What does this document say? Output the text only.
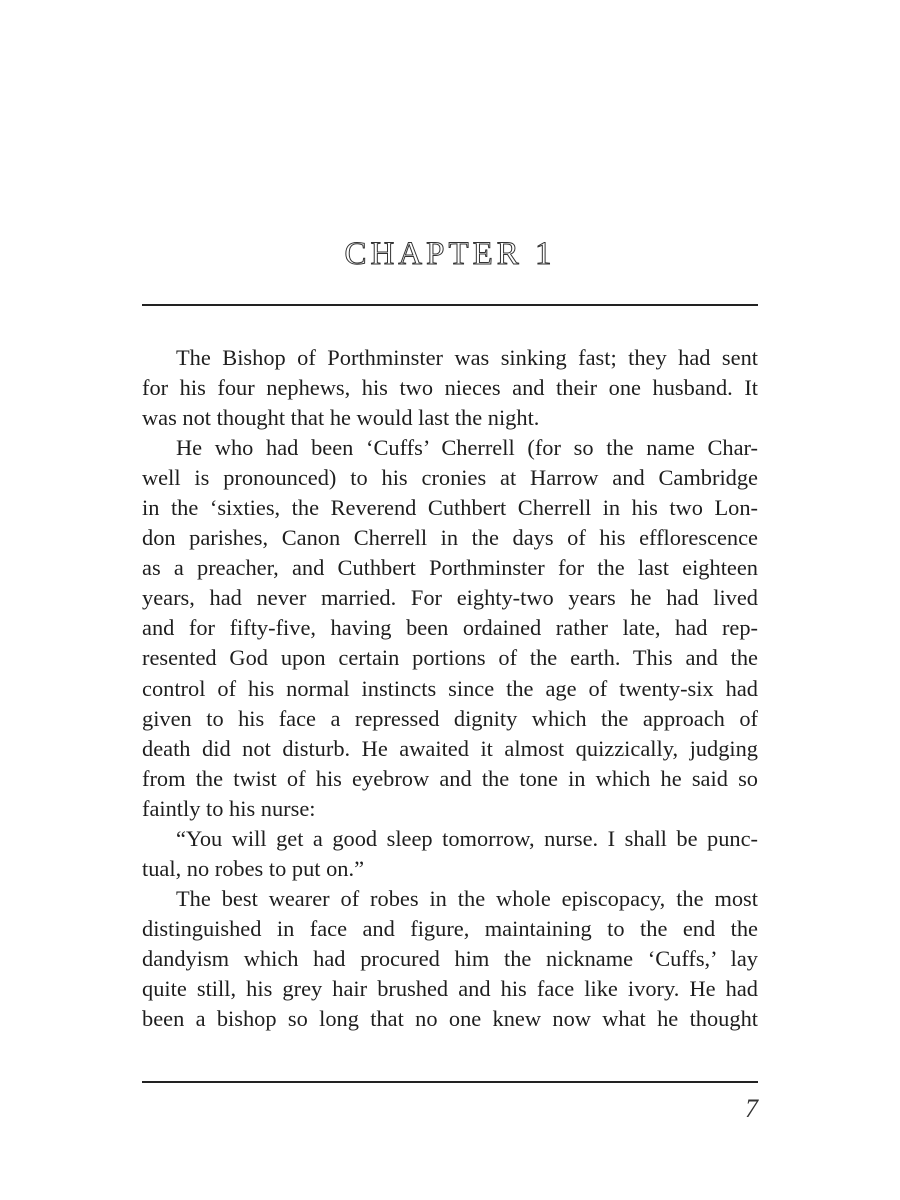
CHAPTER 1
The Bishop of Porthminster was sinking fast; they had sent
for his four nephews, his two nieces and their one husband. It
was not thought that he would last the night.
He who had been ‘Cuffs’ Cherrell (for so the name Char-
well is pronounced) to his cronies at Harrow and Cambridge
in the ‘sixties, the Reverend Cuthbert Cherrell in his two Lon-
don parishes, Canon Cherrell in the days of his efflorescence
as a preacher, and Cuthbert Porthminster for the last eighteen
years, had never married. For eighty-two years he had lived
and for fifty-five, having been ordained rather late, had rep-
resented God upon certain portions of the earth. This and the
control of his normal instincts since the age of twenty-six had
given to his face a repressed dignity which the approach of
death did not disturb. He awaited it almost quizzically, judging
from the twist of his eyebrow and the tone in which he said so
faintly to his nurse:
“You will get a good sleep tomorrow, nurse. I shall be punc-
tual, no robes to put on.”
The best wearer of robes in the whole episcopacy, the most
distinguished in face and figure, maintaining to the end the
dandyism which had procured him the nickname ‘Cuffs,’ lay
quite still, his grey hair brushed and his face like ivory. He had
been a bishop so long that no one knew now what he thought
7
